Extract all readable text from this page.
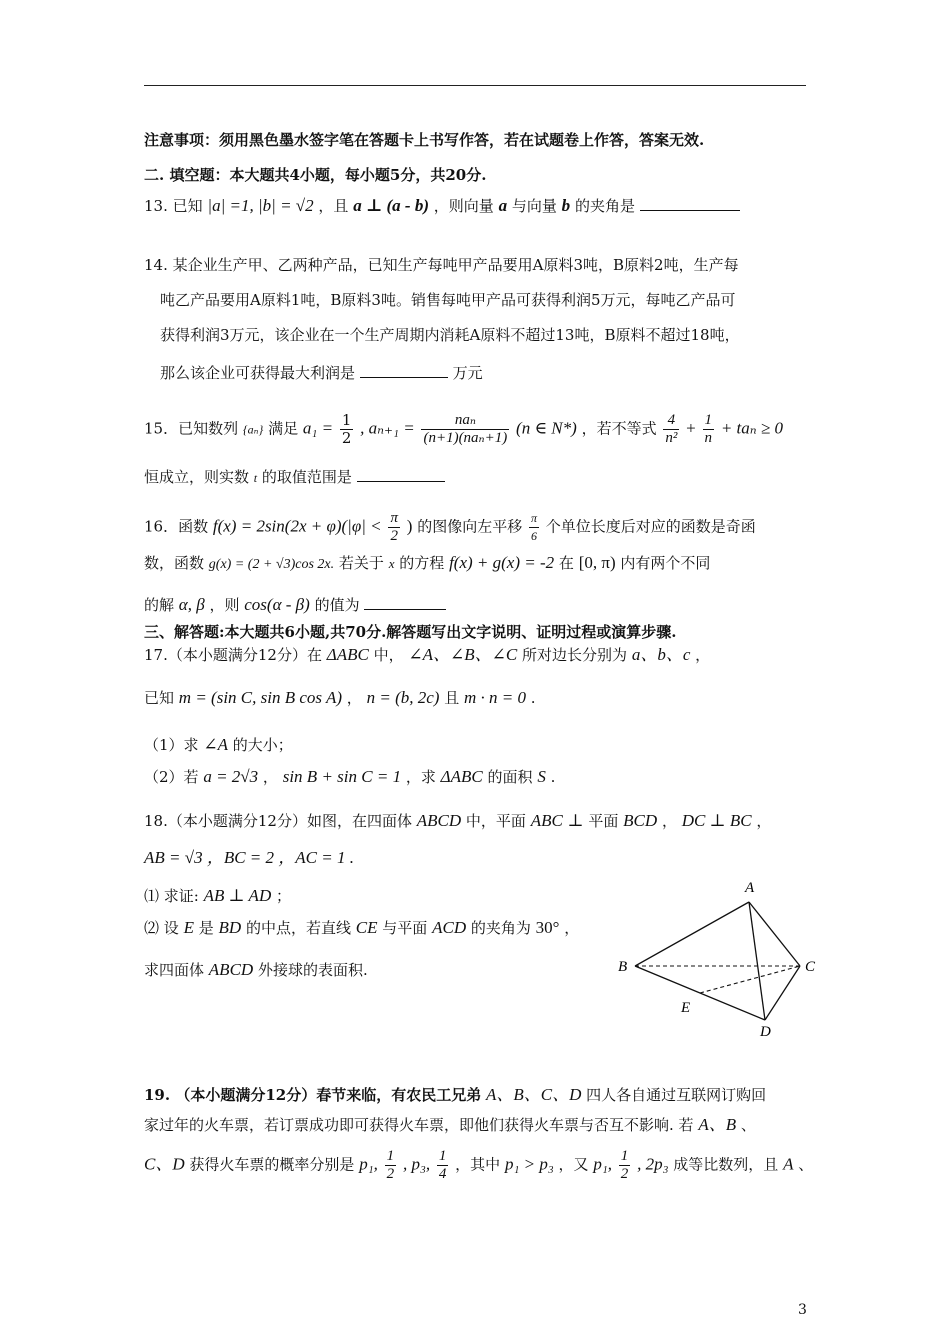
注意事项：须用黑色墨水签字笔在答题卡上书写作答，若在试题卷上作答，答案无效.
二. 填空题：本大题共4小题，每小题5分，共20分.
13. 已知 |a| =1, |b| = √2 ，且 a ⊥ (a - b) ，则向量 a 与向量 b 的夹角是
14. 某企业生产甲、乙两种产品，已知生产每吨甲产品要用A原料3吨，B原料2吨，生产每
吨乙产品要用A原料1吨，B原料3吨。销售每吨甲产品可获得利润5万元，每吨乙产品可
获得利润3万元，该企业在一个生产周期内消耗A原料不超过13吨，B原料不超过18吨，
那么该企业可获得最大利润是	万元
15．已知数列 {aₙ} 满足 $a_1 = \frac{1}{2}$ , $a_{n+1} = \frac{\text{naₙ}}{\text{(n+1)(naₙ+1)}} (n$ ∈ N*) ，若不等式 $\frac{4}{\text{n²}} + \frac{1}{n} + ta_n \ge 0$
恒成立，则实数 t 的取值范围是
16．函数 $f(x) = 2\sin(2x + \varphi)(|\varphi| < \frac{\pi}{2}$ ) 的图像向左平移 $\frac{\pi}{6}$ 个单位长度后对应的函数是奇函
数，函数 g(x) = (2 + √3)cos 2x. 若关于 x 的方程 f(x) + g(x) = -2 在 [0, π) 内有两个不同
的解 α, β ，则 cos(α - β) 的值为
三、解答题:本大题共6小题,共70分.解答题写出文字说明、证明过程或演算步骤.
17.（本小题满分12分）在 ΔABC 中， ∠A、∠B、∠C 所对边长分别为 a、b、c ，
已知 m = (sin C, sin B cos A) ， n = (b, 2c) 且 m · n = 0 .
（1）求 ∠A 的大小；
（2）若 a = 2√3 ， sin B + sin C = 1 ，求 ΔABC 的面积 S .
18.（本小题满分12分）如图，在四面体 ABCD 中，平面 ABC ⊥ 平面 BCD ， DC ⊥ BC ，
AB = √3 ，BC = 2 ，AC = 1 .
⑴ 求证: AB ⊥ AD ；
⑵ 设 E 是 BD 的中点，若直线 CE 与平面 ACD 的夹角为 30° ，
求四面体 ABCD 外接球的表面积.
A
B	C
D
E
19. （本小题满分12分）春节来临，有农民工兄弟 A、B、C、D 四人各自通过互联网订购回
家过年的火车票，若订票成功即可获得火车票，即他们获得火车票与否互不影响. 若 A、B 、
C、D 获得火车票的概率分别是 p₁, $\frac{1}{2}$ , p₃, $\frac{1}{4}$ ，其中 p₁ > p₃ ，又 p₁, $\frac{1}{2}$ , 2p₃ 成等比数列，且 A 、
3
